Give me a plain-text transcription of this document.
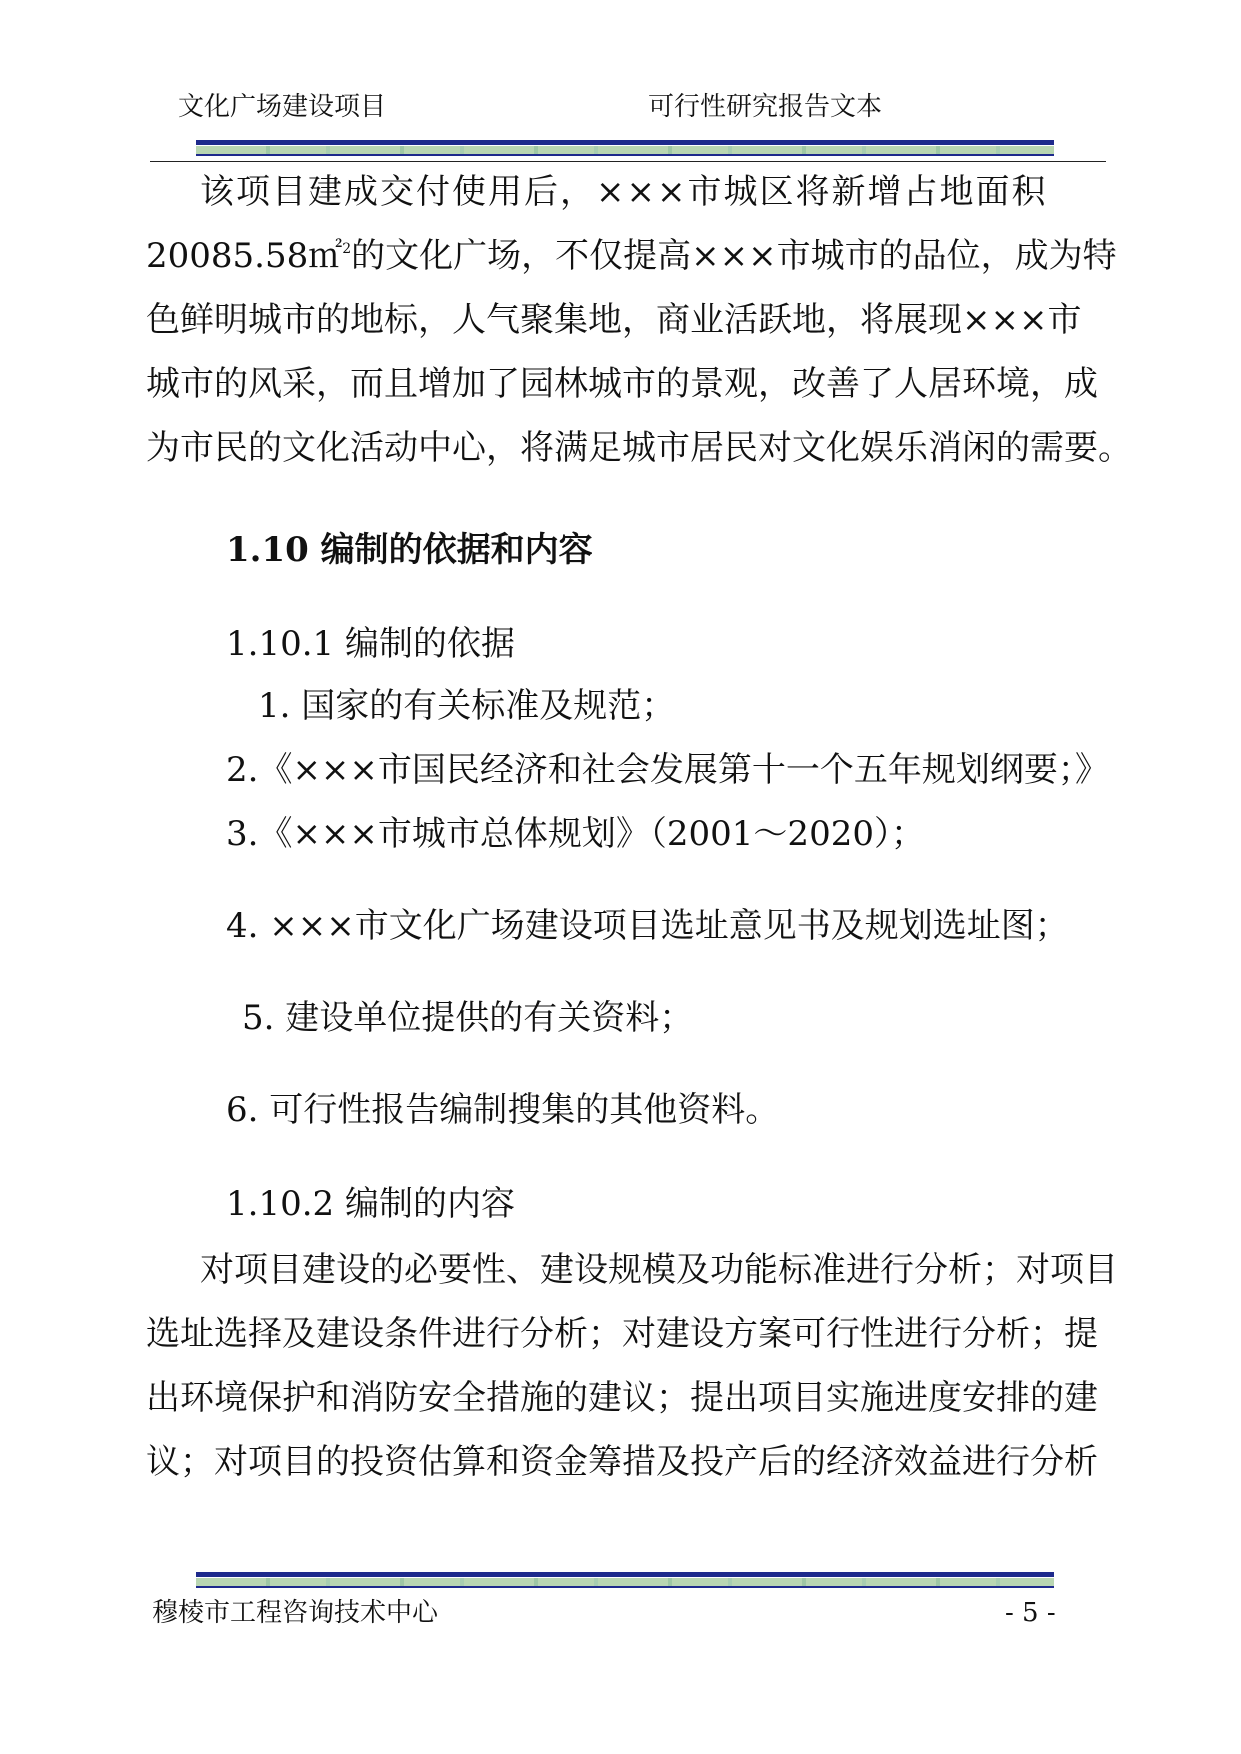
文化广场建设项目	可行性研究报告文本
该项目建成交付使用后，×××市城区将新增占地面积
20085.58㎡$^2$的文化广场，不仅提高×××市城市的品位，成为特
色鲜明城市的地标，人气聚集地，商业活跃地，将展现×××市
城市的风采，而且增加了园林城市的景观，改善了人居环境，成
为市民的文化活动中心，将满足城市居民对文化娱乐消闲的需要。
1.10 编制的依据和内容
1.10.1 编制的依据
1. 国家的有关标准及规范；
2.《×××市国民经济和社会发展第十一个五年规划纲要；》
3.《×××市城市总体规划》（2001～2020）；
4. ×××市文化广场建设项目选址意见书及规划选址图；
5. 建设单位提供的有关资料；
6. 可行性报告编制搜集的其他资料。
1.10.2 编制的内容
对项目建设的必要性、建设规模及功能标准进行分析；对项目
选址选择及建设条件进行分析；对建设方案可行性进行分析；提
出环境保护和消防安全措施的建议；提出项目实施进度安排的建
议；对项目的投资估算和资金筹措及投产后的经济效益进行分析
穆棱市工程咨询技术中心	- 5 -
